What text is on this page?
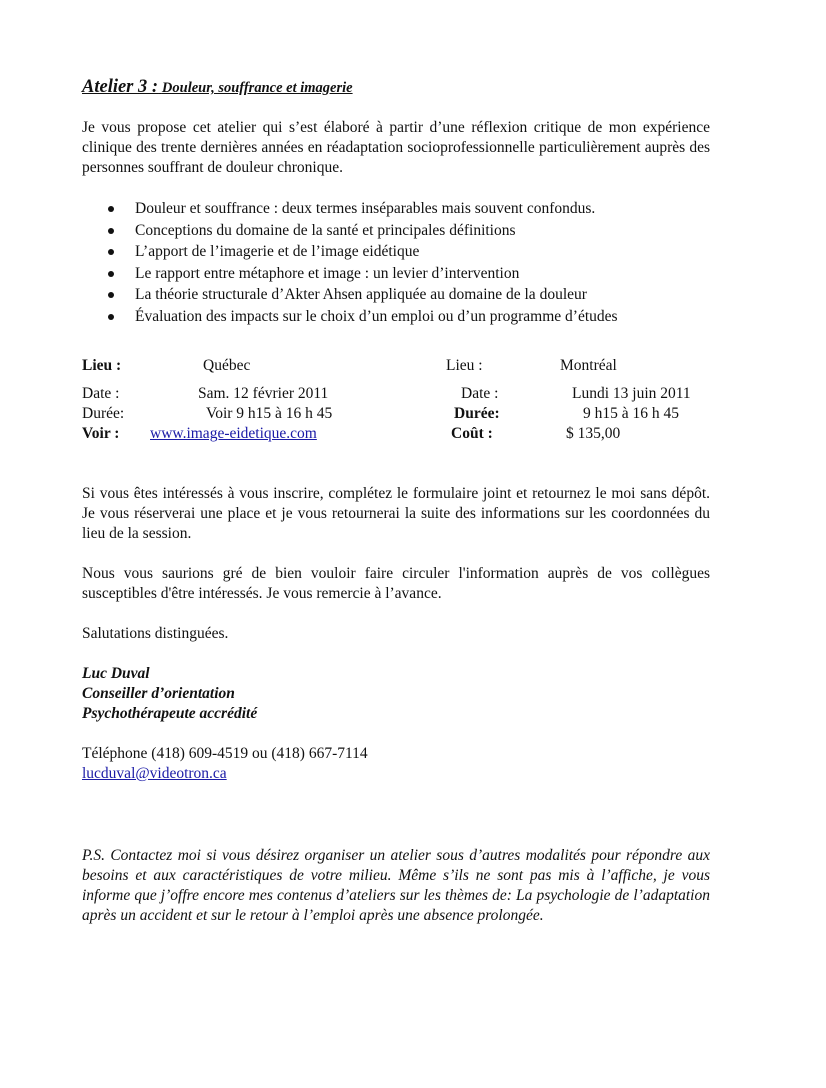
Atelier 3 : Douleur, souffrance et imagerie

Je vous propose cet atelier qui s’est élaboré à partir d’une réflexion critique de mon expérience clinique des trente dernières années en réadaptation socioprofessionnelle particulièrement auprès des personnes souffrant de douleur chronique.

Douleur et souffrance : deux termes inséparables mais souvent confondus.
Conceptions du domaine de la santé et principales définitions
L’apport de l’imagerie et de l’image eidétique
Le rapport entre métaphore et image : un levier d’intervention
La théorie structurale d’Akter Ahsen appliquée au domaine de la douleur
Évaluation des impacts sur le choix d’un emploi ou d’un programme d’études
Lieu :	Québec
Date :	Sam. 12 février 2011
Durée:	Voir 9 h15 à 16 h 45
Voir : www.image-eidetique.com
Lieu :	Montréal
Date :	Lundi 13 juin 2011
Durée:	9 h15 à 16 h 45
Coût :	$ 135,00

Si vous êtes intéressés à vous inscrire, complétez le formulaire joint et retournez le moi sans dépôt. Je vous réserverai une place et je vous retournerai la suite des informations sur les coordonnées du lieu de la session.

Nous vous saurions gré de bien vouloir faire circuler l'information auprès de vos collègues susceptibles d'être intéressés. Je vous remercie à l’avance.

Salutations distinguées.

Luc Duval
Conseiller d’orientation
Psychothérapeute accrédité
Téléphone (418) 609-4519 ou (418) 667-7114
lucduval@videotron.ca

P.S. Contactez moi si vous désirez organiser un atelier sous d’autres modalités pour répondre aux besoins et aux caractéristiques de votre milieu. Même s’ils ne sont pas mis à l’affiche, je vous informe que j’offre encore mes contenus d’ateliers sur les thèmes de: La psychologie de l’adaptation après un accident et sur le retour à l’emploi après une absence prolongée.
